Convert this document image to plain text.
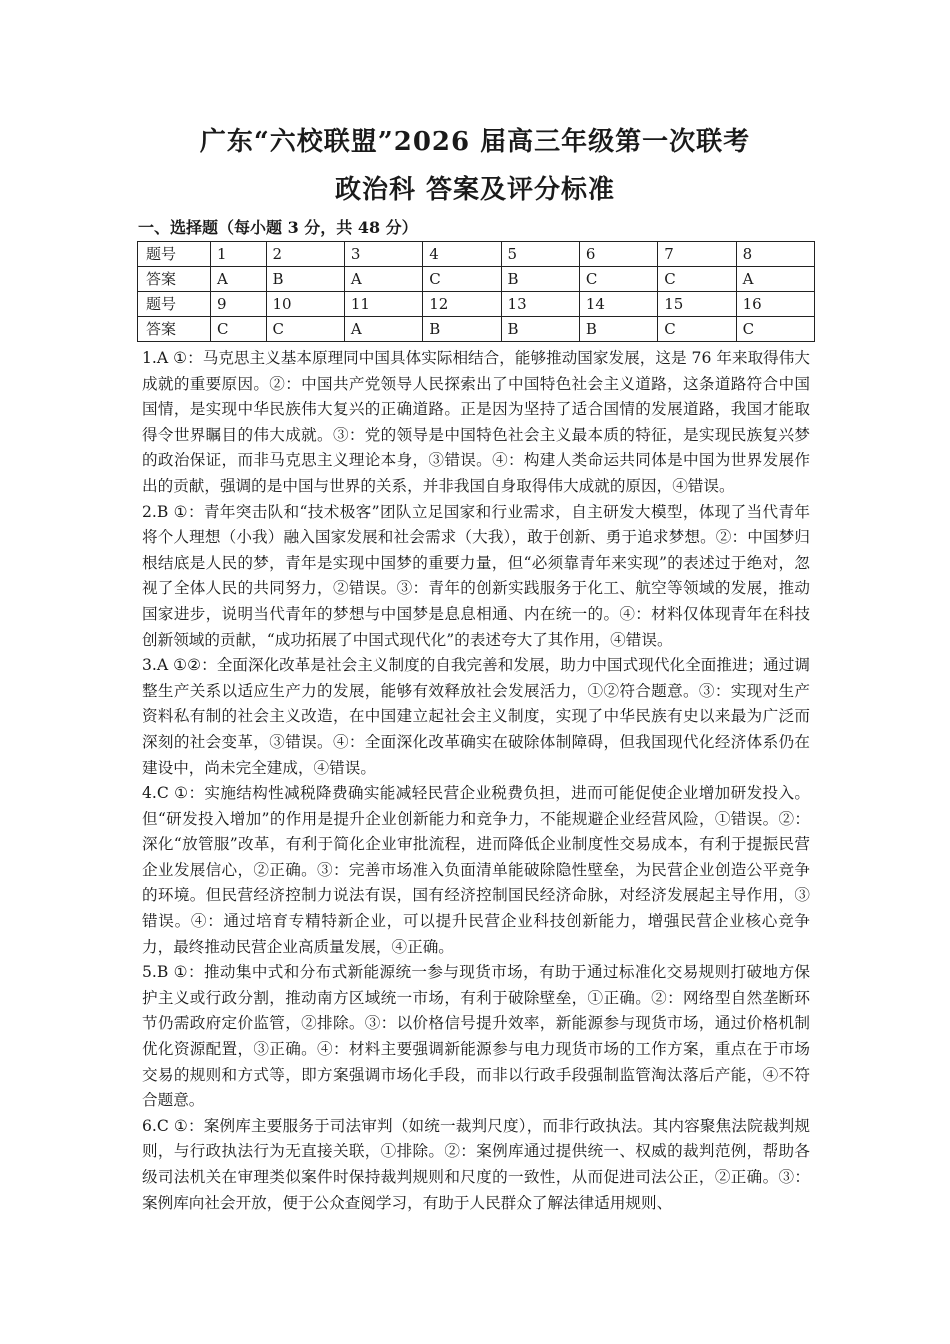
广东“六校联盟”2026 届高三年级第一次联考
政治科 答案及评分标准
一、选择题（每小题 3 分，共 48 分）
题号	1	2	3	4	5	6	7	8
答案	A	B	A	C	B	C	C	A
题号	9	10	11	12	13	14	15	16
答案	C	C	A	B	B	B	C	C

1.A ①：马克思主义基本原理同中国具体实际相结合，能够推动国家发展，这是 76 年来取得伟大成就的重要原因。②：中国共产党领导人民探索出了中国特色社会主义道路，这条道路符合中国国情，是实现中华民族伟大复兴的正确道路。正是因为坚持了适合国情的发展道路，我国才能取得令世界瞩目的伟大成就。③：党的领导是中国特色社会主义最本质的特征，是实现民族复兴梦的政治保证，而非马克思主义理论本身，③错误。④：构建人类命运共同体是中国为世界发展作出的贡献，强调的是中国与世界的关系，并非我国自身取得伟大成就的原因，④错误。

2.B ①：青年突击队和“技术极客”团队立足国家和行业需求，自主研发大模型，体现了当代青年将个人理想（小我）融入国家发展和社会需求（大我），敢于创新、勇于追求梦想。②：中国梦归根结底是人民的梦，青年是实现中国梦的重要力量，但“必须靠青年来实现”的表述过于绝对，忽视了全体人民的共同努力，②错误。③：青年的创新实践服务于化工、航空等领域的发展，推动国家进步，说明当代青年的梦想与中国梦是息息相通、内在统一的。④：材料仅体现青年在科技创新领域的贡献，“成功拓展了中国式现代化”的表述夸大了其作用，④错误。

3.A ①②：全面深化改革是社会主义制度的自我完善和发展，助力中国式现代化全面推进；通过调整生产关系以适应生产力的发展，能够有效释放社会发展活力，①②符合题意。③：实现对生产资料私有制的社会主义改造，在中国建立起社会主义制度，实现了中华民族有史以来最为广泛而深刻的社会变革，③错误。④：全面深化改革确实在破除体制障碍，但我国现代化经济体系仍在建设中，尚未完全建成，④错误。

4.C ①：实施结构性减税降费确实能减轻民营企业税费负担，进而可能促使企业增加研发投入。但“研发投入增加”的作用是提升企业创新能力和竞争力，不能规避企业经营风险，①错误。②：深化“放管服”改革，有利于简化企业审批流程，进而降低企业制度性交易成本，有利于提振民营企业发展信心，②正确。③：完善市场准入负面清单能破除隐性壁垒，为民营企业创造公平竞争的环境。但民营经济控制力说法有误，国有经济控制国民经济命脉，对经济发展起主导作用，③错误。④：通过培育专精特新企业，可以提升民营企业科技创新能力，增强民营企业核心竞争力，最终推动民营企业高质量发展，④正确。

5.B ①：推动集中式和分布式新能源统一参与现货市场，有助于通过标准化交易规则打破地方保护主义或行政分割，推动南方区域统一市场，有利于破除壁垒，①正确。②：网络型自然垄断环节仍需政府定价监管，②排除。③：以价格信号提升效率，新能源参与现货市场，通过价格机制优化资源配置，③正确。④：材料主要强调新能源参与电力现货市场的工作方案，重点在于市场交易的规则和方式等，即方案强调市场化手段，而非以行政手段强制监管淘汰落后产能，④不符合题意。

6.C ①：案例库主要服务于司法审判（如统一裁判尺度），而非行政执法。其内容聚焦法院裁判规则，与行政执法行为无直接关联，①排除。②：案例库通过提供统一、权威的裁判范例，帮助各级司法机关在审理类似案件时保持裁判规则和尺度的一致性，从而促进司法公正，②正确。③：案例库向社会开放，便于公众查阅学习，有助于人民群众了解法律适用规则、
